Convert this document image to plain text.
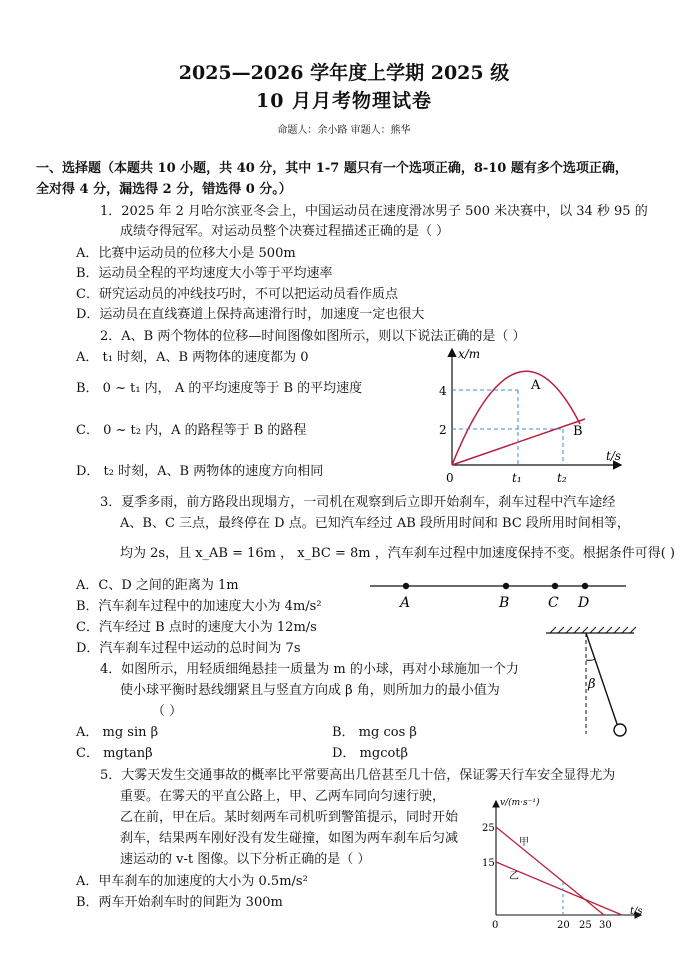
2025—2026 学年度上学期 2025 级
10 月月考物理试卷
命题人：余小路 审题人：熊华
一、选择题（本题共 10 小题，共 40 分，其中 1-7 题只有一个选项正确，8-10 题有多个选项正确，
全对得 4 分，漏选得 2 分，错选得 0 分。）
1．2025 年 2 月哈尔滨亚冬会上，中国运动员在速度滑冰男子 500 米决赛中，以 34 秒 95 的
成绩夺得冠军。对运动员整个决赛过程描述正确的是（ ）
A．比赛中运动员的位移大小是 500m
B．运动员全程的平均速度大小等于平均速率
C．研究运动员的冲线技巧时，不可以把运动员看作质点
D．运动员在直线赛道上保持高速滑行时，加速度一定也很大
2．A、B 两个物体的位移—时间图像如图所示，则以下说法正确的是（ ）
A． t₁ 时刻，A、B 两物体的速度都为 0
B． 0 ~ t₁ 内， A 的平均速度等于 B 的平均速度
C． 0 ~ t₂ 内，A 的路程等于 B 的路程
D． t₂ 时刻，A、B 两物体的速度方向相同
x/m
t/s
0
4
2
t₁	t₂
A
B
3．夏季多雨，前方路段出现塌方，一司机在观察到后立即开始刹车，刹车过程中汽车途经
A、B、C 三点，最终停在 D 点。已知汽车经过 AB 段所用时间和 BC 段所用时间相等，
均为 2s，且 x_AB = 16m ， x_BC = 8m ，汽车刹车过程中加速度保持不变。根据条件可得( )
A．C、D 之间的距离为 1m
B．汽车刹车过程中的加速度大小为 4m/s²
C．汽车经过 B 点时的速度大小为 12m/s
D．汽车刹车过程中运动的总时间为 7s
A	B	C D
4．如图所示，用轻质细绳悬挂一质量为 m 的小球，再对小球施加一个力
使小球平衡时悬线绷紧且与竖直方向成 β 角，则所加力的最小值为
（ ）
A． mg sin β	B． mg cos β
C． mgtanβ	D． mgcotβ
β
5．大雾天发生交通事故的概率比平常要高出几倍甚至几十倍，保证雾天行车安全显得尤为
重要。在雾天的平直公路上，甲、乙两车同向匀速行驶，
乙在前，甲在后。某时刻两车司机听到警笛提示，同时开始
刹车，结果两车刚好没有发生碰撞，如图为两车刹车后匀减
速运动的 v-t 图像。以下分析正确的是（ ）
A．甲车刹车的加速度的大小为 0.5m/s²
B．两车开始刹车时的间距为 300m
v/(m·s⁻¹)
t/s
0
25
15
20 25 30
甲
乙
